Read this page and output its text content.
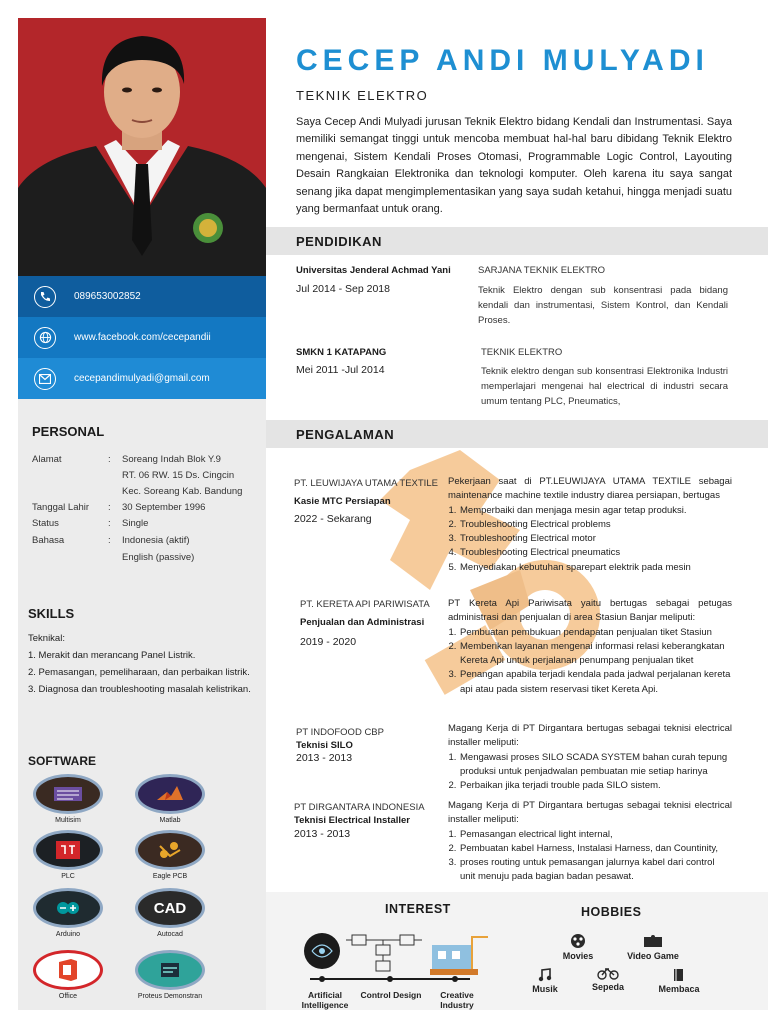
089653002852
www.facebook.com/cecepandii
cecepandimulyadi@gmail.com
PERSONAL
Alamat	:	Soreang Indah Blok Y.9
RT. 06 RW. 15 Ds. Cingcin
Kec. Soreang Kab. Bandung
Tanggal Lahir	:	30 September 1996
Status	:	Single
Bahasa	:	Indonesia (aktif)
English (passive)
SKILLS
Teknikal:
1. Merakit dan merancang Panel Listrik.
2. Pemasangan, pemeliharaan, dan perbaikan listrik.
3. Diagnosa dan troubleshooting masalah kelistrikan.
SOFTWARE
Multisim	Matlab
PLC	Eagle PCB
Arduino
CAD
Autocad
Office	Proteus Demonstran
CECEP ANDI MULYADI
TEKNIK ELEKTRO
Saya Cecep Andi Mulyadi jurusan Teknik Elektro bidang Kendali dan Instrumentasi. Saya memiliki semangat tinggi untuk mencoba membuat hal-hal baru dibidang Teknik Elektro mengenai, Sistem Kendali Proses Otomasi, Programmable Logic Control, Layouting Desain Rangkaian Elektronika dan teknologi komputer. Oleh karena itu saya sangat senang jika dapat mengimplementasikan yang saya sudah ketahui, hingga menjadi suatu yang bermanfaat untuk orang.
PENDIDIKAN
Universitas Jenderal Achmad Yani
Jul 2014 - Sep 2018
SARJANA TEKNIK ELEKTRO
Teknik Elektro dengan sub konsentrasi pada bidang kendali dan instrumentasi, Sistem Kontrol, dan Kendali Proses.
SMKN 1 KATAPANG
Mei 2011 -Jul 2014
TEKNIK ELEKTRO
Teknik elektro dengan sub konsentrasi Elektronika Industri memperlajari mengenai hal electrical di industri secara umum tentang PLC, Pneumatics,
PENGALAMAN
PT. LEUWIJAYA UTAMA TEXTILE
Kasie MTC Persiapan
2022 - Sekarang
Pekerjaan saat di PT.LEUWIJAYA UTAMA TEXTILE sebagai maintenance machine textile industry diarea persiapan, bertugas
1. Memperbaiki dan menjaga mesin agar tetap produksi.
2. Troubleshooting Electrical problems
3. Troubleshooting Electrical motor
4. Troubleshooting Electrical pneumatics
5. Menyediakan kebutuhan sparepart elektrik pada mesin
PT. KERETA API PARIWISATA
Penjualan dan Administrasi
2019 - 2020
PT Kereta Api Pariwisata yaitu bertugas sebagai petugas administrasi dan penjualan di area Stasiun Banjar meliputi:
1. Pembuatan pembukuan pendapatan penjualan tiket Stasiun
2. Memberikan layanan mengenai informasi relasi keberangkatan Kereta Api untuk perjalanan penumpang penjualan tiket
3. Penangan apabila terjadi kendala pada jadwal perjalanan kereta api atau pada sistem reservasi tiket Kereta Api.
PT INDOFOOD CBP
Teknisi SILO
2013 - 2013
Magang Kerja di PT Dirgantara bertugas sebagai teknisi electrical installer meliputi:
1. Mengawasi proses SILO SCADA SYSTEM bahan curah tepung produksi untuk penjadwalan pembuatan mie setiap harinya
2. Perbaikan jika terjadi trouble pada SILO sistem.
PT DIRGANTARA INDONESIA
Teknisi Electrical Installer
2013 - 2013
Magang Kerja di PT Dirgantara bertugas sebagai teknisi electrical installer meliputi:
1. Pemasangan electrical light internal,
2. Pembuatan kabel Harness, Instalasi Harness, dan Countinity,
3. proses routing untuk pemasangan jalurnya kabel dari control unit menuju pada bagian badan pesawat.
INTEREST	HOBBIES
Artificial Intelligence
Control Design	Creative Industry
Movies	Video Game
Musik	Sepeda	Membaca
